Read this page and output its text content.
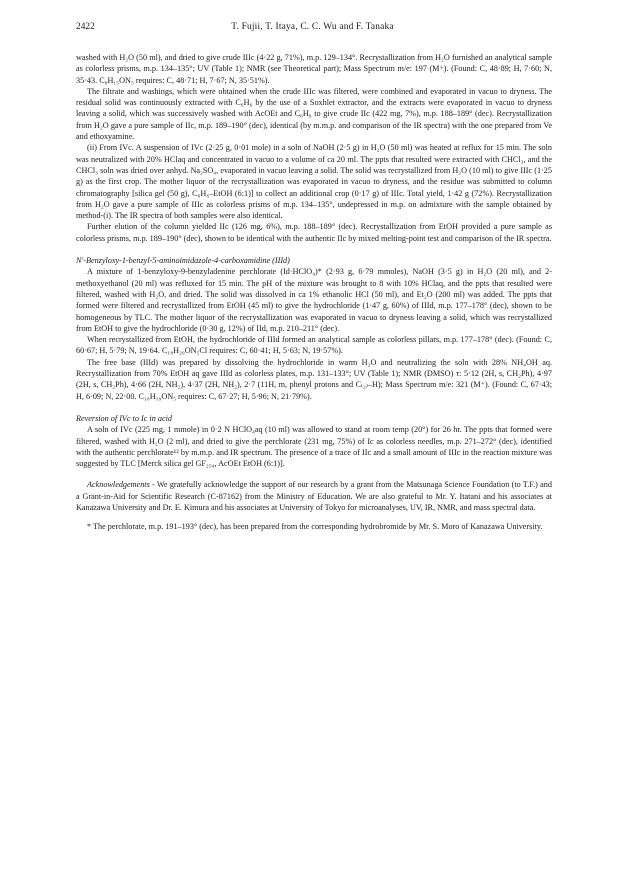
2422	T. Fujii, T. Itaya, C. C. Wu and F. Tanaka

washed with H₂O (50 ml), and dried to give crude IIIc (4·22 g, 71%), m.p. 129–134°. Recrystallization from H₂O furnished an analytical sample as colorless prisms, m.p. 134–135°; UV (Table 1); NMR (see Theoretical part); Mass Spectrum m/e: 197 (M⁺). (Found: C, 48·89; H, 7·60; N, 35·43. C₈H₁₅ON₅ requires: C, 48·71; H, 7·67; N, 35·51%).

The filtrate and washings, which were obtained when the crude IIIc was filtered, were combined and evaporated in vacuo to dryness. The residual solid was continuously extracted with C₆H₆ by the use of a Soxhlet extractor, and the extracts were evaporated in vacuo to dryness leaving a solid, which was successively washed with AcOEt and C₆H₆ to give crude IIc (422 mg, 7%), m.p. 188–189° (dec). Recrystallization from H₂O gave a pure sample of IIc, m.p. 189–190° (dec), identical (by m.m.p. and comparison of the IR spectra) with the one prepared from Ve and ethoxyamine.

(ii) From IVc. A suspension of IVc (2·25 g, 0·01 mole) in a soln of NaOH (2·5 g) in H₂O (50 ml) was heated at reflux for 15 min. The soln was neutralized with 20% HClaq and concentrated in vacuo to a volume of ca 20 ml. The ppts that resulted were extracted with CHCl₃, and the CHCl₃ soln was dried over anhyd. Na₂SO₄, evaporated in vacuo leaving a solid. The solid was recrystallized from H₂O (10 ml) to give IIIc (1·25 g) as the first crop. The mother liquor of the recrystallization was evaporated in vacuo to dryness, and the residue was submitted to column chromatography [silica gel (50 g), C₆H₆–EtOH (6:1)] to collect an additional crop (0·17 g) of IIIc. Total yield, 1·42 g (72%). Recrystallization from H₂O gave a pure sample of IIIc as colorless prisms of m.p. 134–135°, undepressed in m.p. on admixture with the sample obtained by method-(i). The IR spectra of both samples were also identical.

Further elution of the column yielded IIc (126 mg, 6%), m.p. 188–189° (dec). Recrystallization from EtOH provided a pure sample as colorless prisms, m.p. 189–190° (dec), shown to be identical with the authentic IIc by mixed melting-point test and comparison of the IR spectra.

N'-Benzyloxy-1-benzyl-5-aminoimidazole-4-carboxamidine (IIId)

A mixture of 1-benzyloxy-9-benzyladenine perchlorate (Id·HClO₄)* (2·93 g, 6·79 mmoles), NaOH (3·5 g) in H₂O (20 ml), and 2-methoxyethanol (20 ml) was refluxed for 15 min. The pH of the mixture was brought to 8 with 10% HClaq, and the ppts that resulted were filtered, washed with H₂O, and dried. The solid was dissolved in ca 1% ethanolic HCl (50 ml), and Et₂O (200 ml) was added. The ppts that formed were filtered and recrystallized from EtOH (45 ml) to give the hydrochloride (1·47 g, 60%) of IIId, m.p. 177–178° (dec), shown to be homogeneous by TLC. The mother liquor of the recrystallization was evaporated in vacuo to dryness leaving a solid, which was recrystallized from EtOH to give the hydrochloride (0·30 g, 12%) of IId, m.p. 210–211° (dec).

When recrystallized from EtOH, the hydrochloride of IIId formed an analytical sample as colorless pillars, m.p. 177–178° (dec). (Found: C, 60·67; H, 5·79; N, 19·64. C₁₈H₂₀ON₅Cl requires: C, 60·41; H, 5·63; N, 19·57%).

The free base (IIId) was prepared by dissolving the hydrochloride in warm H₂O and neutralizing the soln with 28% NH₄OH aq. Recrystallization from 70% EtOH aq gave IIId as colorless plates, m.p. 131–133°; UV (Table 1); NMR (DMSO) τ: 5·12 (2H, s, CH₂Ph), 4·97 (2H, s, CH₂Ph), 4·66 (2H, NH₂), 4·37 (2H, NH₂), 2·7 (11H, m, phenyl protons and C₍₂₎–H); Mass Spectrum m/e: 321 (M⁺). (Found: C, 67·43; H, 6·09; N, 22·00. C₁₈H₁₉ON₅ requires: C, 67·27; H, 5·96; N, 21·79%).

Reversion of IVc to Ic in acid

A soln of IVc (225 mg, 1 mmole) in 0·2 N HClO₄aq (10 ml) was allowed to stand at room temp (20°) for 26 hr. The ppts that formed were filtered, washed with H₂O (2 ml), and dried to give the perchlorate (231 mg, 75%) of Ic as colorless needles, m.p. 271–272° (dec), identified with the authentic perchlorate¹² by m.m.p. and IR spectrum. The presence of a trace of IIc and a small amount of IIIc in the reaction mixture was suggested by TLC [Merck silica gel GF₂₅₄, AcOEt EtOH (6:1)].

Acknowledgements - We gratefully acknowledge the support of our research by a grant from the Matsunaga Science Foundation (to T.F.) and a Grant-in-Aid for Scientific Research (C-87162) from the Ministry of Education. We are also grateful to Mr. Y. Itatani and his associates at Kanazawa University and Dr. E. Kimura and his associates at University of Tokyo for microanalyses, UV, IR, NMR, and mass spectral data.

* The perchlorate, m.p. 191–193° (dec), has been prepared from the corresponding hydrobromide by Mr. S. Moro of Kanazawa University.
